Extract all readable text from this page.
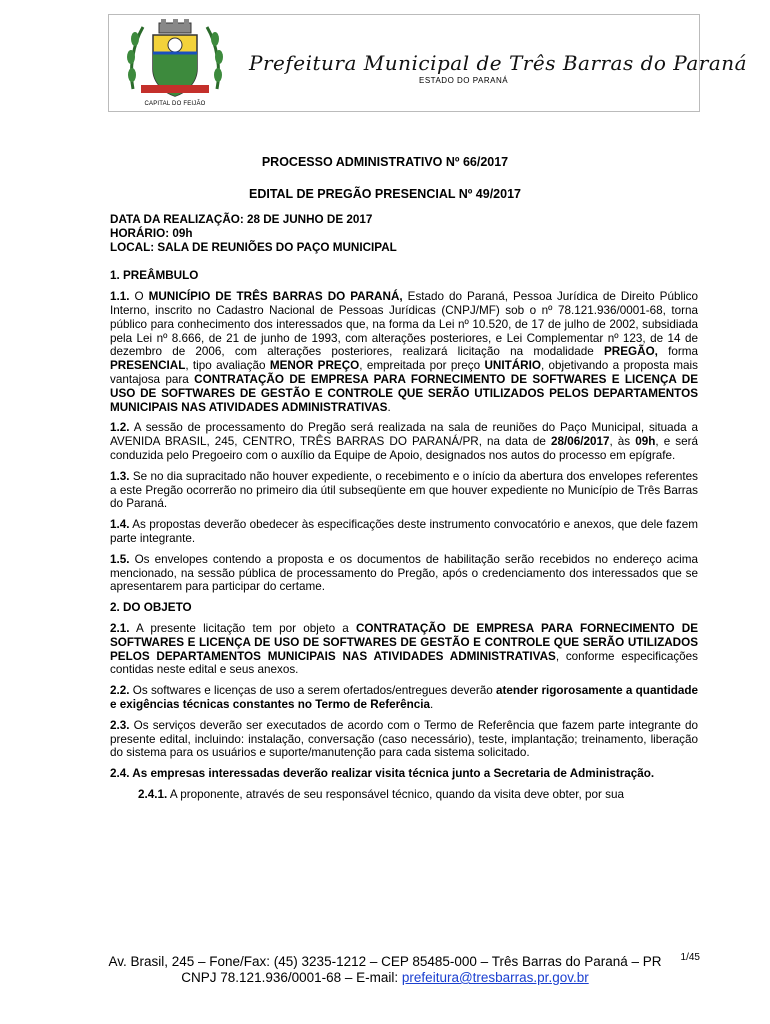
CAPITAL DO FEIJÃO
Prefeitura Municipal de Três Barras do Paraná
ESTADO DO PARANÁ
PROCESSO ADMINISTRATIVO Nº 66/2017
EDITAL DE PREGÃO PRESENCIAL Nº 49/2017

DATA DA REALIZAÇÃO: 28 DE JUNHO DE 2017

HORÁRIO: 09h

LOCAL: SALA DE REUNIÕES DO PAÇO MUNICIPAL

1. PREÂMBULO

1.1. O MUNICÍPIO DE TRÊS BARRAS DO PARANÁ, Estado do Paraná, Pessoa Jurídica de Direito Público Interno, inscrito no Cadastro Nacional de Pessoas Jurídicas (CNPJ/MF) sob o nº 78.121.936/0001-68, torna público para conhecimento dos interessados que, na forma da Lei nº 10.520, de 17 de julho de 2002, subsidiada pela Lei nº 8.666, de 21 de junho de 1993, com alterações posteriores, e Lei Complementar nº 123, de 14 de dezembro de 2006, com alterações posteriores, realizará licitação na modalidade PREGÃO, forma PRESENCIAL, tipo avaliação MENOR PREÇO, empreitada por preço UNITÁRIO, objetivando a proposta mais vantajosa para CONTRATAÇÃO DE EMPRESA PARA FORNECIMENTO DE SOFTWARES E LICENÇA DE USO DE SOFTWARES DE GESTÃO E CONTROLE QUE SERÃO UTILIZADOS PELOS DEPARTAMENTOS MUNICIPAIS NAS ATIVIDADES ADMINISTRATIVAS.

1.2. A sessão de processamento do Pregão será realizada na sala de reuniões do Paço Municipal, situada a AVENIDA BRASIL, 245, CENTRO, TRÊS BARRAS DO PARANÁ/PR, na data de 28/06/2017, às 09h, e será conduzida pelo Pregoeiro com o auxílio da Equipe de Apoio, designados nos autos do processo em epígrafe.

1.3. Se no dia supracitado não houver expediente, o recebimento e o início da abertura dos envelopes referentes a este Pregão ocorrerão no primeiro dia útil subseqüente em que houver expediente no Município de Três Barras do Paraná.

1.4. As propostas deverão obedecer às especificações deste instrumento convocatório e anexos, que dele fazem parte integrante.

1.5. Os envelopes contendo a proposta e os documentos de habilitação serão recebidos no endereço acima mencionado, na sessão pública de processamento do Pregão, após o credenciamento dos interessados que se apresentarem para participar do certame.

2. DO OBJETO

2.1. A presente licitação tem por objeto a CONTRATAÇÃO DE EMPRESA PARA FORNECIMENTO DE SOFTWARES E LICENÇA DE USO DE SOFTWARES DE GESTÃO E CONTROLE QUE SERÃO UTILIZADOS PELOS DEPARTAMENTOS MUNICIPAIS NAS ATIVIDADES ADMINISTRATIVAS, conforme especificações contidas neste edital e seus anexos.

2.2. Os softwares e licenças de uso a serem ofertados/entregues deverão atender rigorosamente a quantidade e exigências técnicas constantes no Termo de Referência.

2.3. Os serviços deverão ser executados de acordo com o Termo de Referência que fazem parte integrante do presente edital, incluindo: instalação, conversação (caso necessário), teste, implantação; treinamento, liberação do sistema para os usuários e suporte/manutenção para cada sistema solicitado.

2.4. As empresas interessadas deverão realizar visita técnica junto a Secretaria de Administração.

2.4.1. A proponente, através de seu responsável técnico, quando da visita deve obter, por sua

1/45
Av. Brasil, 245 – Fone/Fax: (45) 3235-1212 – CEP 85485-000 – Três Barras do Paraná – PR
CNPJ 78.121.936/0001-68 – E-mail: prefeitura@tresbarras.pr.gov.br
